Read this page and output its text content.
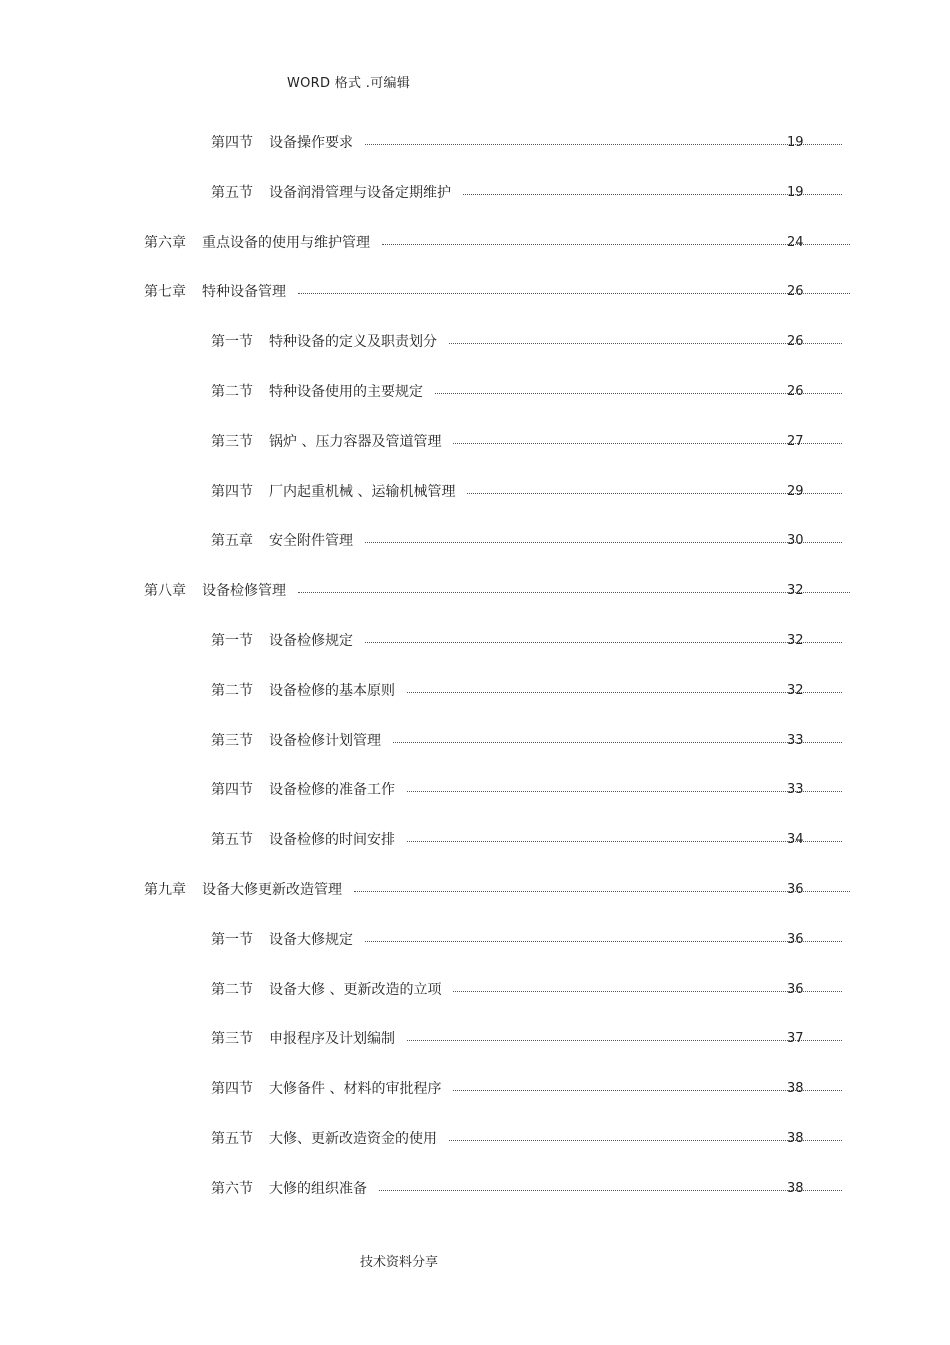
WORD 格式 .可编辑
第四节 设备操作要求	19
第五节 设备润滑管理与设备定期维护	19
第六章 重点设备的使用与维护管理	24
第七章 特种设备管理	26
第一节 特种设备的定义及职责划分	26
第二节 特种设备使用的主要规定	26
第三节 锅炉 、压力容器及管道管理	27
第四节 厂内起重机械 、运输机械管理	29
第五章 安全附件管理	30
第八章 设备检修管理	32
第一节 设备检修规定	32
第二节 设备检修的基本原则	32
第三节 设备检修计划管理	33
第四节 设备检修的准备工作	33
第五节 设备检修的时间安排	34
第九章 设备大修更新改造管理	36
第一节 设备大修规定	36
第二节 设备大修 、更新改造的立项	36
第三节 申报程序及计划编制	37
第四节 大修备件 、材料的审批程序	38
第五节 大修、更新改造资金的使用	38
第六节 大修的组织准备	38
技术资料分享
